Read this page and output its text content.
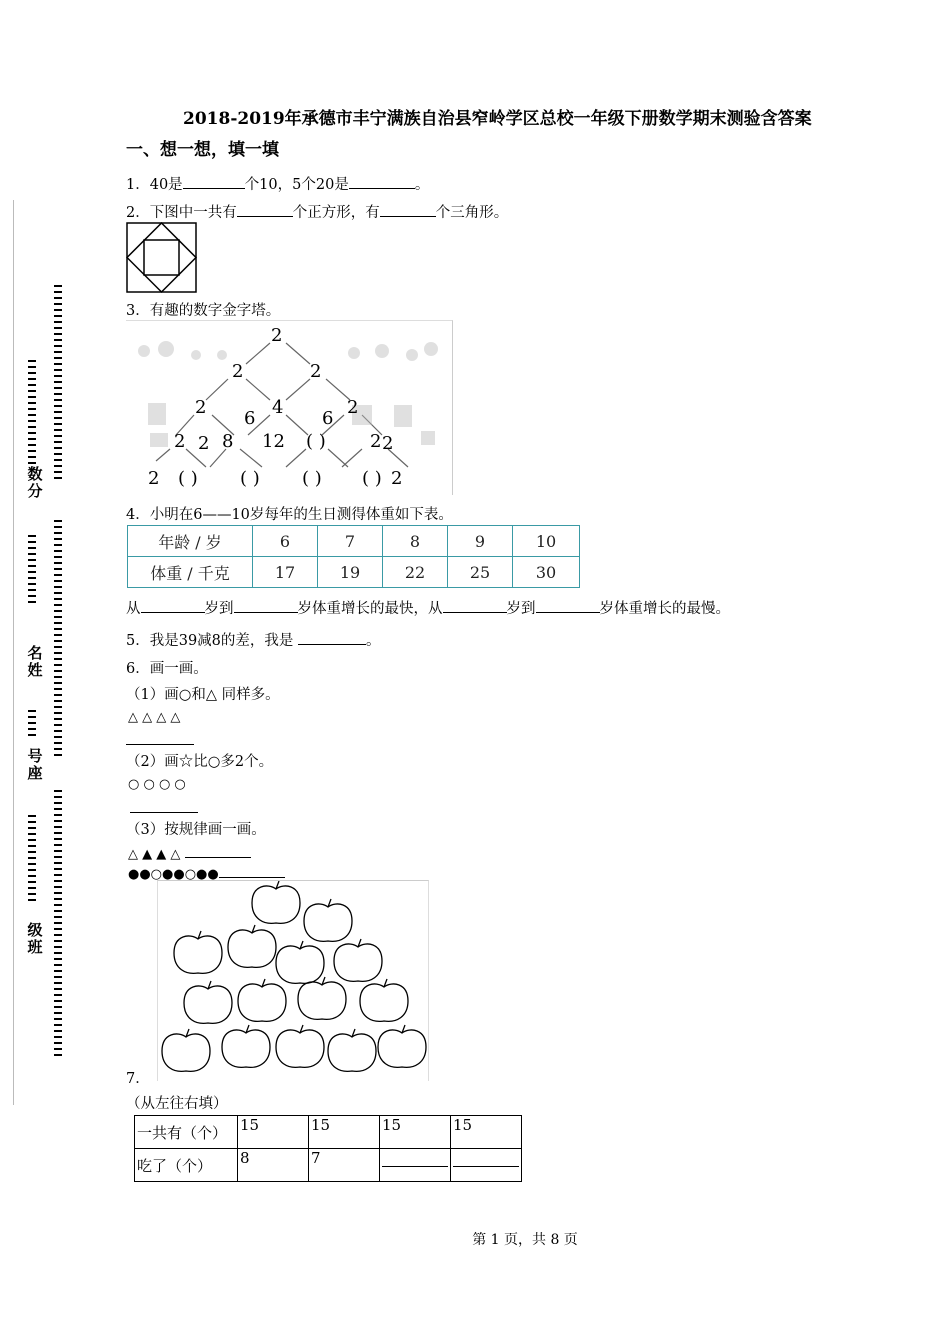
数分
名姓
号座
级班
2018-2019年承德市丰宁满族自治县窄岭学区总校一年级下册数学期末测验含答案
一、想一想，填一填
1．40是	个10，5个20是	。
2．下图中一共有	个正方形，有	个三角形。
3．有趣的数字金字塔。
2
2	2
2	4	2
2
6	6
2
2 8 12 ( ) 2
2 ( ) ( ) ( ) ( ) 2
4．小明在6——10岁每年的生日测得体重如下表。
年龄 / 岁	6	7	8	9	10
体重 / 千克	17	19	22	25	30
从	岁到	岁体重增长的最快，从	岁到	岁体重增长的最慢。
5．我是39减8的差，我是	。
6．画一画。
（1）画○和△ 同样多。
△ △ △ △
（2）画☆比○多2个。
○ ○ ○ ○
（3）按规律画一画。
△ ▲ ▲ △
●●○●●○●●
7．
（从左往右填）
一共有（个）	15	15	15	15
吃了（个）	8	7	

第 1 页，共 8 页
